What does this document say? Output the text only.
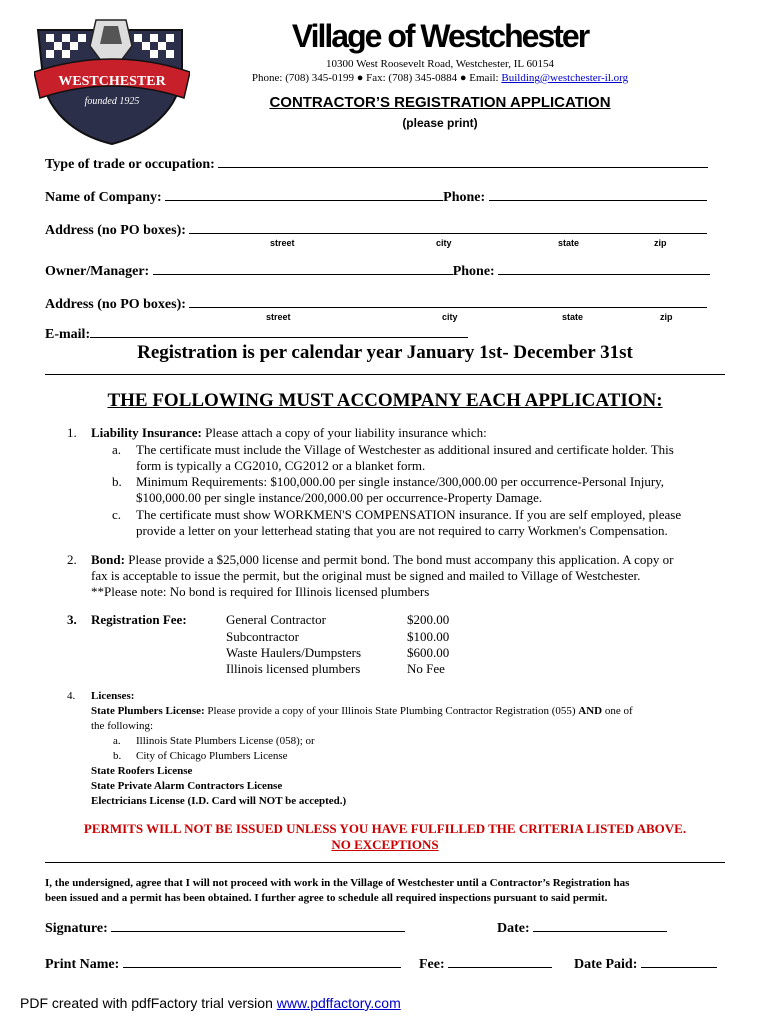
WESTCHESTER
founded 1925
Village of Westchester
10300 West Roosevelt Road, Westchester, IL 60154
Phone: (708) 345-0199 ● Fax: (708) 345-0884 ● Email: Building@westchester-il.org
CONTRACTOR’S REGISTRATION APPLICATION
(please print)
Type of trade or occupation:
Name of Company:	Phone:
Address (no PO boxes):
street	city	state	zip
Owner/Manager:	Phone:
Address (no PO boxes):
street	city	state	zip
E-mail:
Registration is per calendar year January 1st- December 31st
THE FOLLOWING MUST ACCOMPANY EACH APPLICATION:
1. Liability Insurance: Please attach a copy of your liability insurance which:
a. The certificate must include the Village of Westchester as additional insured and certificate holder. This
form is typically a CG2010, CG2012 or a blanket form.
b. Minimum Requirements: $100,000.00 per single instance/300,000.00 per occurrence-Personal Injury,
$100,000.00 per single instance/200,000.00 per occurrence-Property Damage.
c. The certificate must show WORKMEN'S COMPENSATION insurance. If you are self employed, please
provide a letter on your letterhead stating that you are not required to carry Workmen's Compensation.
2. Bond: Please provide a $25,000 license and permit bond. The bond must accompany this application. A copy or
fax is acceptable to issue the permit, but the original must be signed and mailed to Village of Westchester.
**Please note: No bond is required for Illinois licensed plumbers
3. Registration Fee:	General Contractor	$200.00
Subcontractor	$100.00
Waste Haulers/Dumpsters	$600.00
Illinois licensed plumbers	No Fee
4. Licenses:
State Plumbers License: Please provide a copy of your Illinois State Plumbing Contractor Registration (055) AND one of
the following:
a. Illinois State Plumbers License (058); or
b. City of Chicago Plumbers License
State Roofers License
State Private Alarm Contractors License
Electricians License (I.D. Card will NOT be accepted.)
PERMITS WILL NOT BE ISSUED UNLESS YOU HAVE FULFILLED THE CRITERIA LISTED ABOVE.
NO EXCEPTIONS
I, the undersigned, agree that I will not proceed with work in the Village of Westchester until a Contractor’s Registration has
been issued and a permit has been obtained. I further agree to schedule all required inspections pursuant to said permit.
Signature:	Date:
Print Name:	Fee:	Date Paid:
PDF created with pdfFactory trial version www.pdffactory.com
